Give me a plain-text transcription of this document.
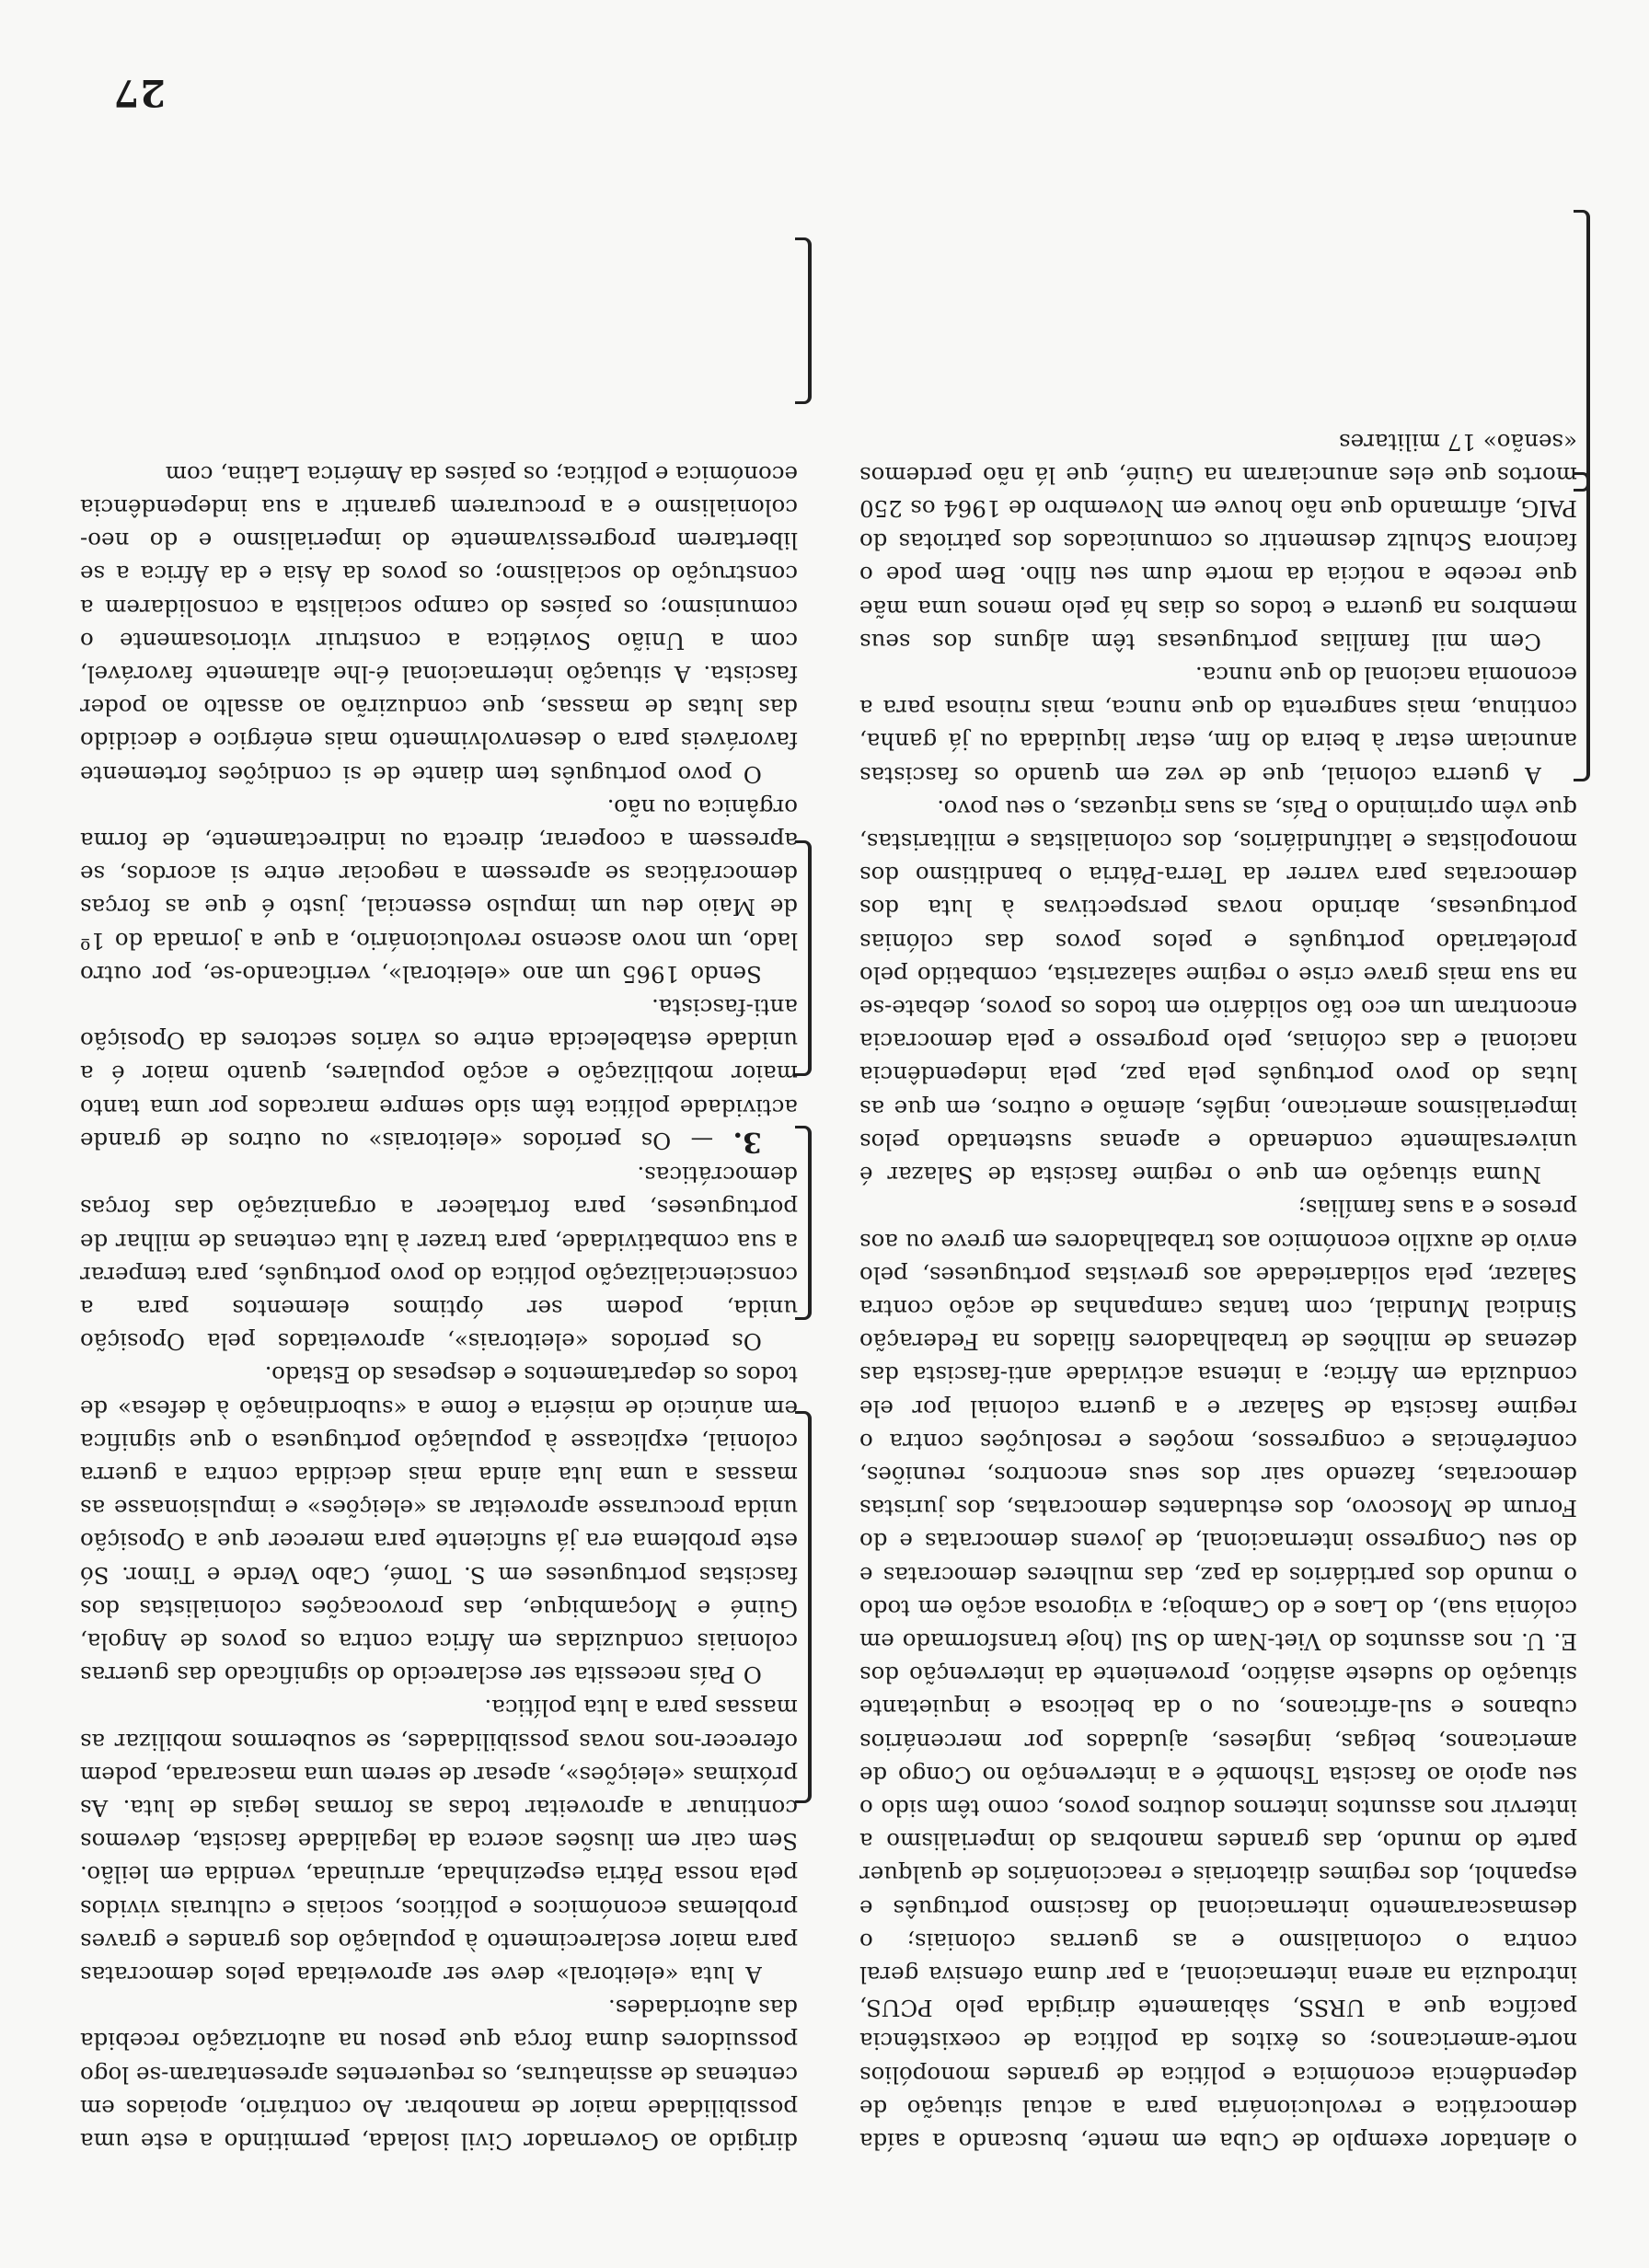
o alentador exemplo de Cuba em mente, buscando a saída democrática e revolucionária para a actual situação de dependência económica e política de grandes monopólios norte-americanos; os êxitos da política de coexistência pacífica que a URSS, sàbiamente dirigida pelo PCUS, introduzia na arena internacional, a par duma ofensiva geral contra o colonialismo e as guerras coloniais; o desmascaramento internacional do fascismo português e espanhol, dos regimes ditatoriais e reaccionários de qualquer parte do mundo, das grandes manobras do imperialismo a intervir nos assuntos internos doutros povos, como têm sido o seu apoio ao fascista Tshombé e a intervenção no Congo de americanos, belgas, ingleses, ajudados por mercenários cubanos e sul-africanos, ou o da belicosa e inquietante situação do sudeste asiático, proveniente da intervenção dos E. U. nos assuntos do Viet-Nam do Sul (hoje transformado em colónia sua), do Laos e do Camboja; a vigorosa acção em todo o mundo dos partidários da paz, das mulheres democratas e do seu Congresso internacional, de jovens democratas e do Forum de Moscovo, dos estudantes democratas, dos juristas democratas, fazendo sair dos seus encontros, reuniões, conferências e congressos, moções e resoluções contra o regime fascista de Salazar e a guerra colonial por ele conduzida em África; a intensa actividade anti-fascista das dezenas de milhões de trabalhadores filiados na Federação Sindical Mundial, com tantas campanhas de acção contra Salazar, pela solidariedade aos grevistas portugueses, pelo envio de auxílio económico aos trabalhadores em greve ou aos presos e a suas famílias;

Numa situação em que o regime fascista de Salazar é universalmente condenado e apenas sustentado pelos imperialismos americano, inglês, alemão e outros, em que as lutas do povo português pela paz, pela independência nacional e das colónias, pelo progresso e pela democracia encontram um eco tão solidário em todos os povos, debate-se na sua mais grave crise o regime salazarista, combatido pelo proletariado português e pelos povos das colónias portuguesas, abrindo novas perspectivas à luta dos democratas para varrer da Terra-Pátria o banditismo dos monopolistas e latifundiários, dos colonialistas e militaristas, que vêm oprimindo o País, as suas riquezas, o seu povo.

A guerra colonial, que de vez em quando os fascistas anunciam estar à beira do fim, estar liquidada ou já ganha, continua, mais sangrenta do que nunca, mais ruinosa para a economia nacional do que nunca.

Cem mil famílias portuguesas têm alguns dos seus membros na guerra e todos os dias há pelo menos uma mãe que recebe a notícia da morte dum seu filho. Bem pode o facínora Schultz desmentir os comunicados dos patriotas do PAIG, afirmando que não houve em Novembro de 1964 os 250 mortos que eles anunciaram na Guiné, que lá não perdemos «senão» 17 militares

dirigido ao Governador Civil isolada, permitindo a este uma possibilidade maior de manobrar. Ao contrário, apoiados em centenas de assinaturas, os requerentes apresentaram-se logo possuidores duma força que pesou na autorização recebida das autoridades.

A luta «eleitoral» deve ser aproveitada pelos democratas para maior esclarecimento à população dos grandes e graves problemas económicos e políticos, sociais e culturais vividos pela nossa Pátria espezinhada, arruinada, vendida em leilão. Sem cair em ilusões acerca da legalidade fascista, devemos continuar a aproveitar todas as formas legais de luta. As próximas «eleições», apesar de serem uma mascarada, podem oferecer-nos novas possibilidades, se soubermos mobilizar as massas para a luta política.

O País necessita ser esclarecido do significado das guerras coloniais conduzidas em África contra os povos de Angola, Guiné e Moçambique, das provocações colonialistas dos fascistas portugueses em S. Tomé, Cabo Verde e Timor. Só este problema era já suficiente para merecer que a Oposição unida procurasse aproveitar as «eleições» e impulsionasse as massas a uma luta ainda mais decidida contra a guerra colonial, explicasse à população portuguesa o que significa em anúncio de miséria e fome a «subordinação à defesa» de todos os departamentos e despesas do Estado.

Os períodos «eleitorais», aproveitados pela Oposição unida, podem ser óptimos elementos para a consciencialização política do povo português, para temperar a sua combatividade, para trazer à luta centenas de milhar de portugueses, para fortalecer a organização das forças democráticas.

3. — Os períodos «eleitorais» ou outros de grande actividade política têm sido sempre marcados por uma tanto maior mobilização e acção populares, quanto maior é a unidade estabelecida entre os vários sectores da Oposição anti-fascista.

Sendo 1965 um ano «eleitoral», verificando-se, por outro lado, um novo ascenso revolucionário, a que a jornada do 1º de Maio deu um impulso essencial, justo é que as forças democráticas se apressem a negociar entre si acordos, se apressem a cooperar, directa ou indirectamente, de forma orgânica ou não.

O povo português tem diante de si condições fortemente favoráveis para o desenvolvimento mais enérgico e decidido das lutas de massas, que conduzirão ao assalto ao poder fascista. A situação internacional é-lhe altamente favorável, com a União Soviética a construir vitoriosamente o comunismo; os países do campo socialista a consolidarem a construção do socialismo; os povos da Ásia e da África a se libertarem progressivamente do imperialismo e do neo-colonialismo e a procurarem garantir a sua independência económica e política; os países da América Latina, com

27
